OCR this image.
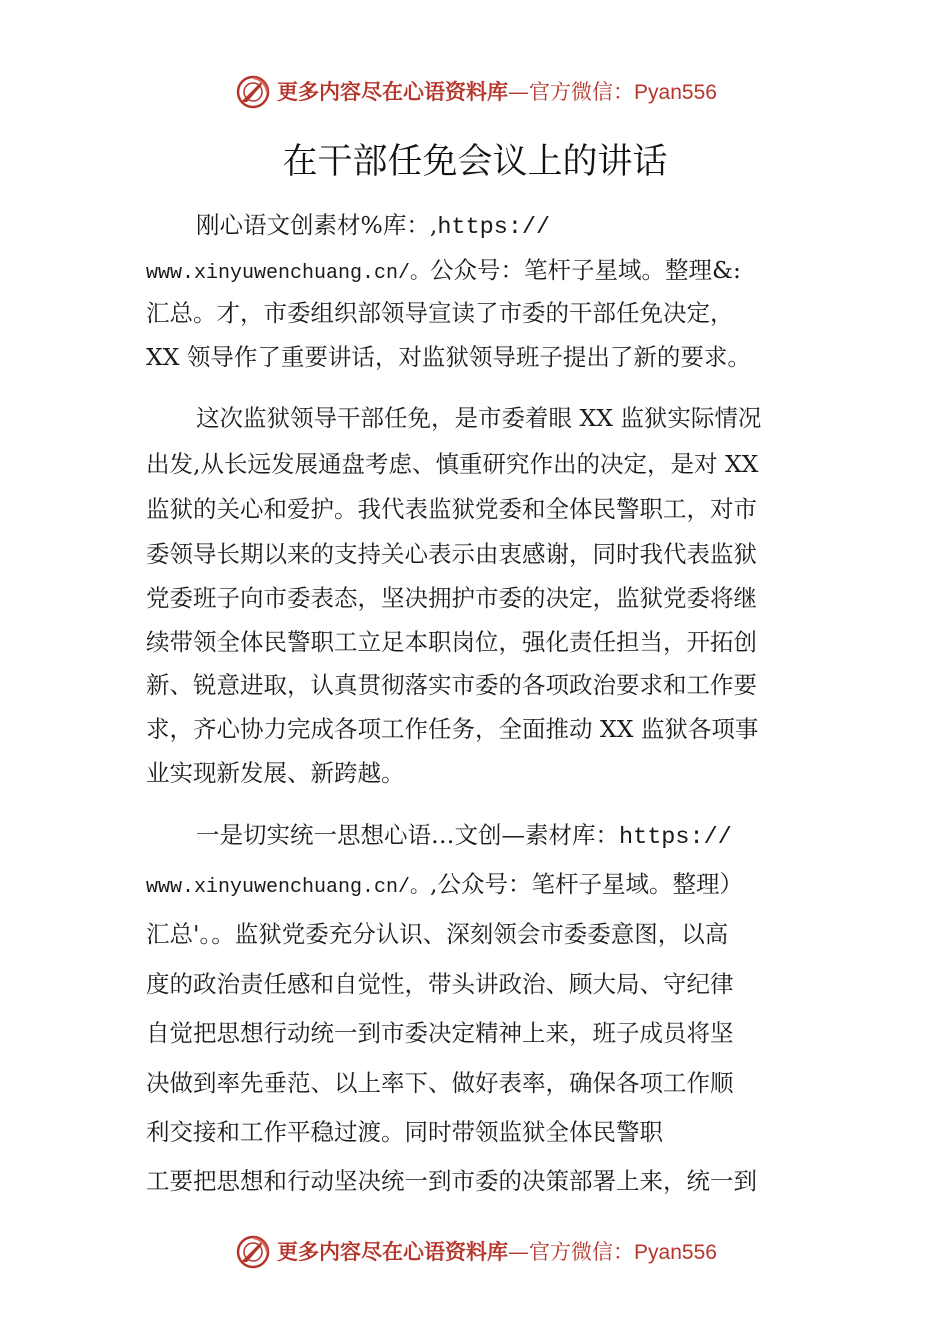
更多内容尽在心语资料库—官方微信：Pyan556
在干部任免会议上的讲话
刚心语文创素材%库：,https://
www.xinyuwenchuang.cn/。公众号：笔杆子星域。整理&:
汇总。才，市委组织部领导宣读了市委的干部任免决定，
XX 领导作了重要讲话，对监狱领导班子提出了新的要求。
这次监狱领导干部任免，是市委着眼 XX 监狱实际情况
出发,从长远发展通盘考虑、慎重研究作出的决定，是对 XX
监狱的关心和爱护。我代表监狱党委和全体民警职工，对市
委领导长期以来的支持关心表示由衷感谢，同时我代表监狱
党委班子向市委表态，坚决拥护市委的决定，监狱党委将继
续带领全体民警职工立足本职岗位，强化责任担当，开拓创
新、锐意进取，认真贯彻落实市委的各项政治要求和工作要
求，齐心协力完成各项工作任务，全面推动 XX 监狱各项事
业实现新发展、新跨越。
一是切实统一思想心语…文创—素材库：https://
www.xinyuwenchuang.cn/。,公众号：笔杆子星域。整理）
汇总'。。监狱党委充分认识、深刻领会市委委意图，以高
度的政治责任感和自觉性，带头讲政治、顾大局、守纪律
自觉把思想行动统一到市委决定精神上来，班子成员将坚
决做到率先垂范、以上率下、做好表率，确保各项工作顺
利交接和工作平稳过渡。同时带领监狱全体民警职
工要把思想和行动坚决统一到市委的决策部署上来，统一到
更多内容尽在心语资料库—官方微信：Pyan556
